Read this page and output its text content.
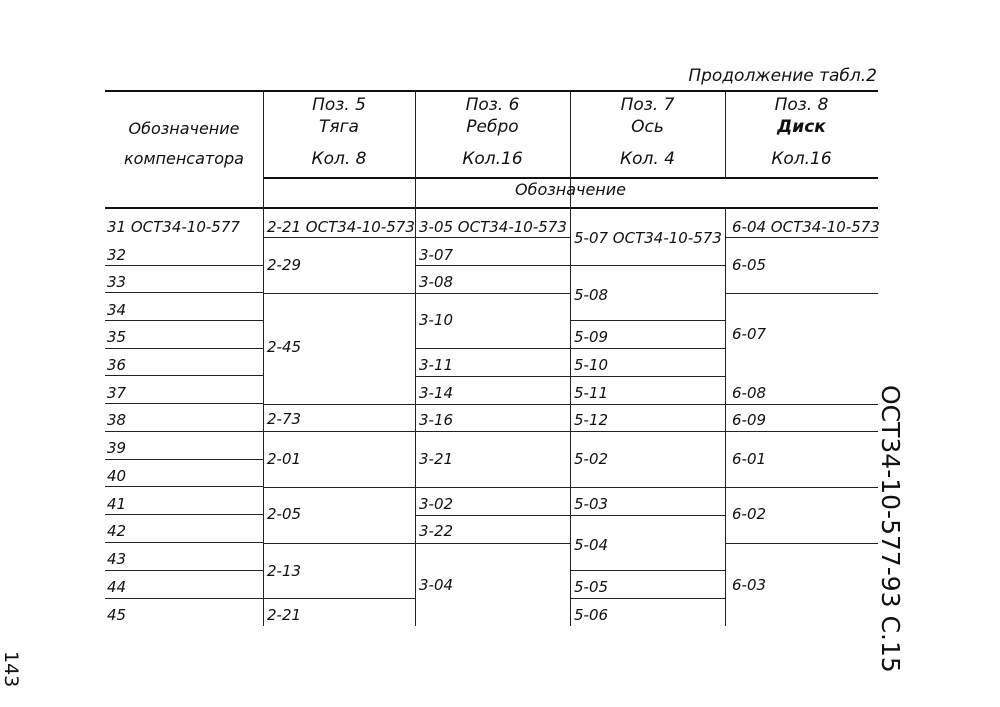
Продолжение табл.2
Обозначение
компенсатора
Поз. 5
Тяга
Кол. 8
Поз. 6
Ребро
Кол.16
Поз. 7
Ось
Кол. 4
Поз. 8
Диск
Кол.16
Обозначение
31 ОСТ34-10-577
32
33
34
35
36
37
38
39
40
41
42
43
44
45
2-21 ОСТ34-10-573
2-29
2-45
2-73
2-01
2-05
2-13
2-21
3-05 ОСТ34-10-573
3-07
3-08
3-10
3-11
3-14
3-16
3-21
3-02
3-22
3-04
5-07 ОСТ34-10-573
5-08
5-09
5-10
5-11
5-12
5-02
5-03
5-04
5-05
5-06
6-04 ОСТ34-10-573
6-05
6-07
6-08
6-09
6-01
6-02
6-03	ОСТ34-10-577-93 С.15
143
